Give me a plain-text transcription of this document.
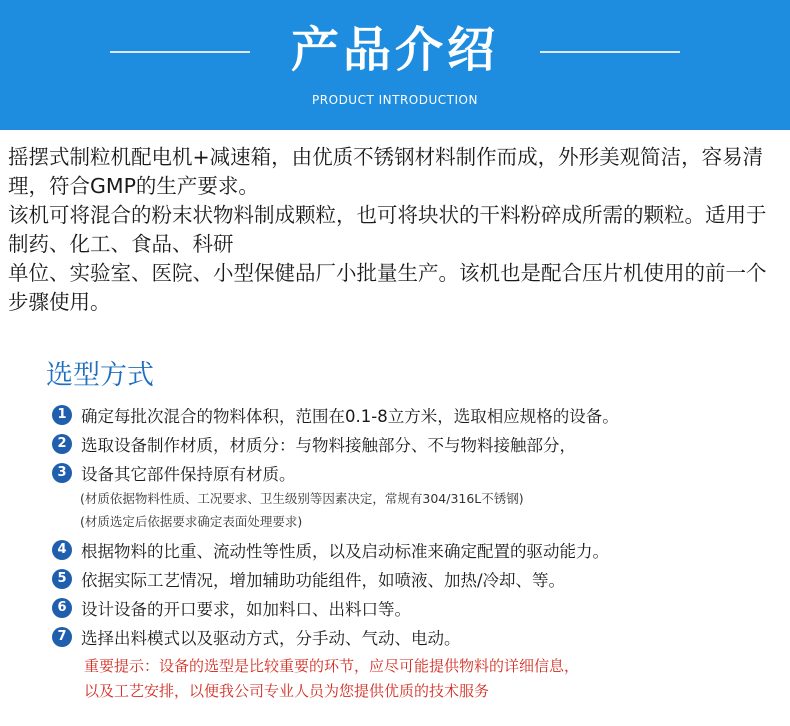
产品介绍
PRODUCT INTRODUCTION

摇摆式制粒机配电机+减速箱，由优质不锈钢材料制作而成，外形美观简洁，容易清理，符合GMP的生产要求。

该机可将混合的粉末状物料制成颗粒，也可将块状的干料粉碎成所需的颗粒。适用于制药、化工、食品、科研

单位、实验室、医院、小型保健品厂小批量生产。该机也是配合压片机使用的前一个步骤使用。

选型方式
1 确定每批次混合的物料体积，范围在0.1-8立方米，选取相应规格的设备。
2 选取设备制作材质，材质分：与物料接触部分、不与物料接触部分，
3 设备其它部件保持原有材质。
(材质依据物料性质、工况要求、卫生级别等因素决定，常规有304/316L不锈钢)
(材质选定后依据要求确定表面处理要求)
4 根据物料的比重、流动性等性质，以及启动标准来确定配置的驱动能力。
5 依据实际工艺情况，增加辅助功能组件，如喷液、加热/冷却、等。
6 设计设备的开口要求，如加料口、出料口等。
7 选择出料模式以及驱动方式，分手动、气动、电动。

重要提示：设备的选型是比较重要的环节，应尽可能提供物料的详细信息，

以及工艺安排，以便我公司专业人员为您提供优质的技术服务
